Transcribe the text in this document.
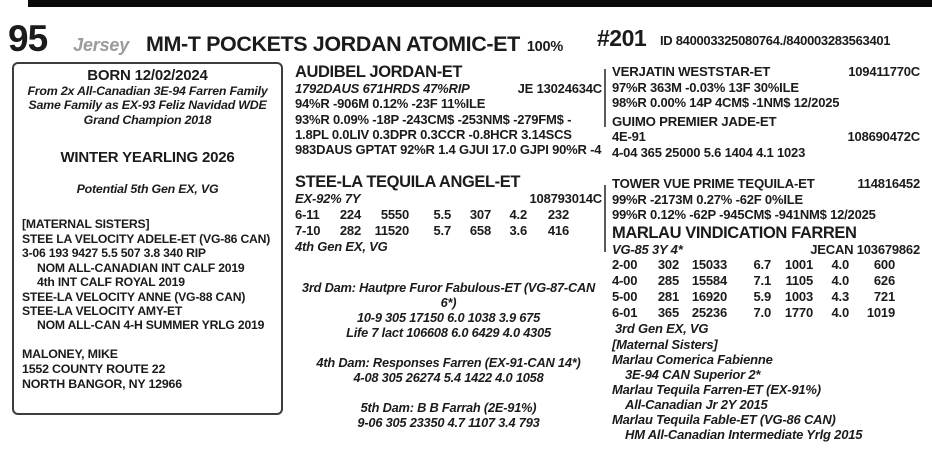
95 Jersey MM-T POCKETS JORDAN ATOMIC-ET 100% #201 ID 840003325080764./840003283563401
BORN 12/02/2024
From 2x All-Canadian 3E-94 Farren Family
Same Family as EX-93 Feliz Navidad WDE
Grand Champion 2018
WINTER YEARLING 2026
Potential 5th Gen EX, VG
[MATERNAL SISTERS]
STEE LA VELOCITY ADELE-ET (VG-86 CAN)
3-06 193 9427 5.5 507 3.8 340 RIP
NOM ALL-CANADIAN INT CALF 2019
4th INT CALF ROYAL 2019
STEE-LA VELOCITY ANNE (VG-88 CAN)
STEE-LA VELOCITY AMY-ET
NOM ALL-CAN 4-H SUMMER YRLG 2019
MALONEY, MIKE
1552 COUNTY ROUTE 22
NORTH BANGOR, NY 12966
AUDIBEL JORDAN-ET
1792DAUS 671HRDS 47%RIP	JE 13024634C
94%R -906M 0.12% -23F 11%ILE
93%R 0.09% -18P -243CM$ -253NM$ -279FM$ -
1.8PL 0.0LIV 0.3DPR 0.3CCR -0.8HCR 3.14SCS
983DAUS GPTAT 92%R 1.4 GJUI 17.0 GJPI 90%R -4
STEE-LA TEQUILA ANGEL-ET
EX-92% 7Y	108793014C
6-11 224 5550 5.5 307 4.2 232
7-10 282 11520 5.7 658 3.6 416
4th Gen EX, VG
3rd Dam: Hautpre Furor Fabulous-ET (VG-87-CAN 6*)
10-9 305 17150 6.0 1038 3.9 675
Life 7 lact 106608 6.0 6429 4.0 4305
4th Dam: Responses Farren (EX-91-CAN 14*)
4-08 305 26274 5.4 1422 4.0 1058
5th Dam: B B Farrah (2E-91%)
9-06 305 23350 4.7 1107 3.4 793
VERJATIN WESTSTAR-ET	109411770C
97%R 363M -0.03% 13F 30%ILE
98%R 0.00% 14P 4CM$ -1NM$ 12/2025
GUIMO PREMIER JADE-ET
4E-91	108690472C
4-04 365 25000 5.6 1404 4.1 1023
TOWER VUE PRIME TEQUILA-ET	114816452
99%R -2173M 0.27% -62F 0%ILE
99%R 0.12% -62P -945CM$ -941NM$ 12/2025
MARLAU VINDICATION FARREN
VG-85 3Y 4*	JECAN 103679862
2-00 302 15033 6.7 1001 4.0 600
4-00 285 15584 7.1 1105 4.0 626
5-00 281 16920 5.9 1003 4.3 721
6-01 365 25236 7.0 1770 4.0 1019
3rd Gen EX, VG
[Maternal Sisters]
Marlau Comerica Fabienne
3E-94 CAN Superior 2*
Marlau Tequila Farren-ET (EX-91%)
All-Canadian Jr 2Y 2015
Marlau Tequila Fable-ET (VG-86 CAN)
HM All-Canadian Intermediate Yrlg 2015
